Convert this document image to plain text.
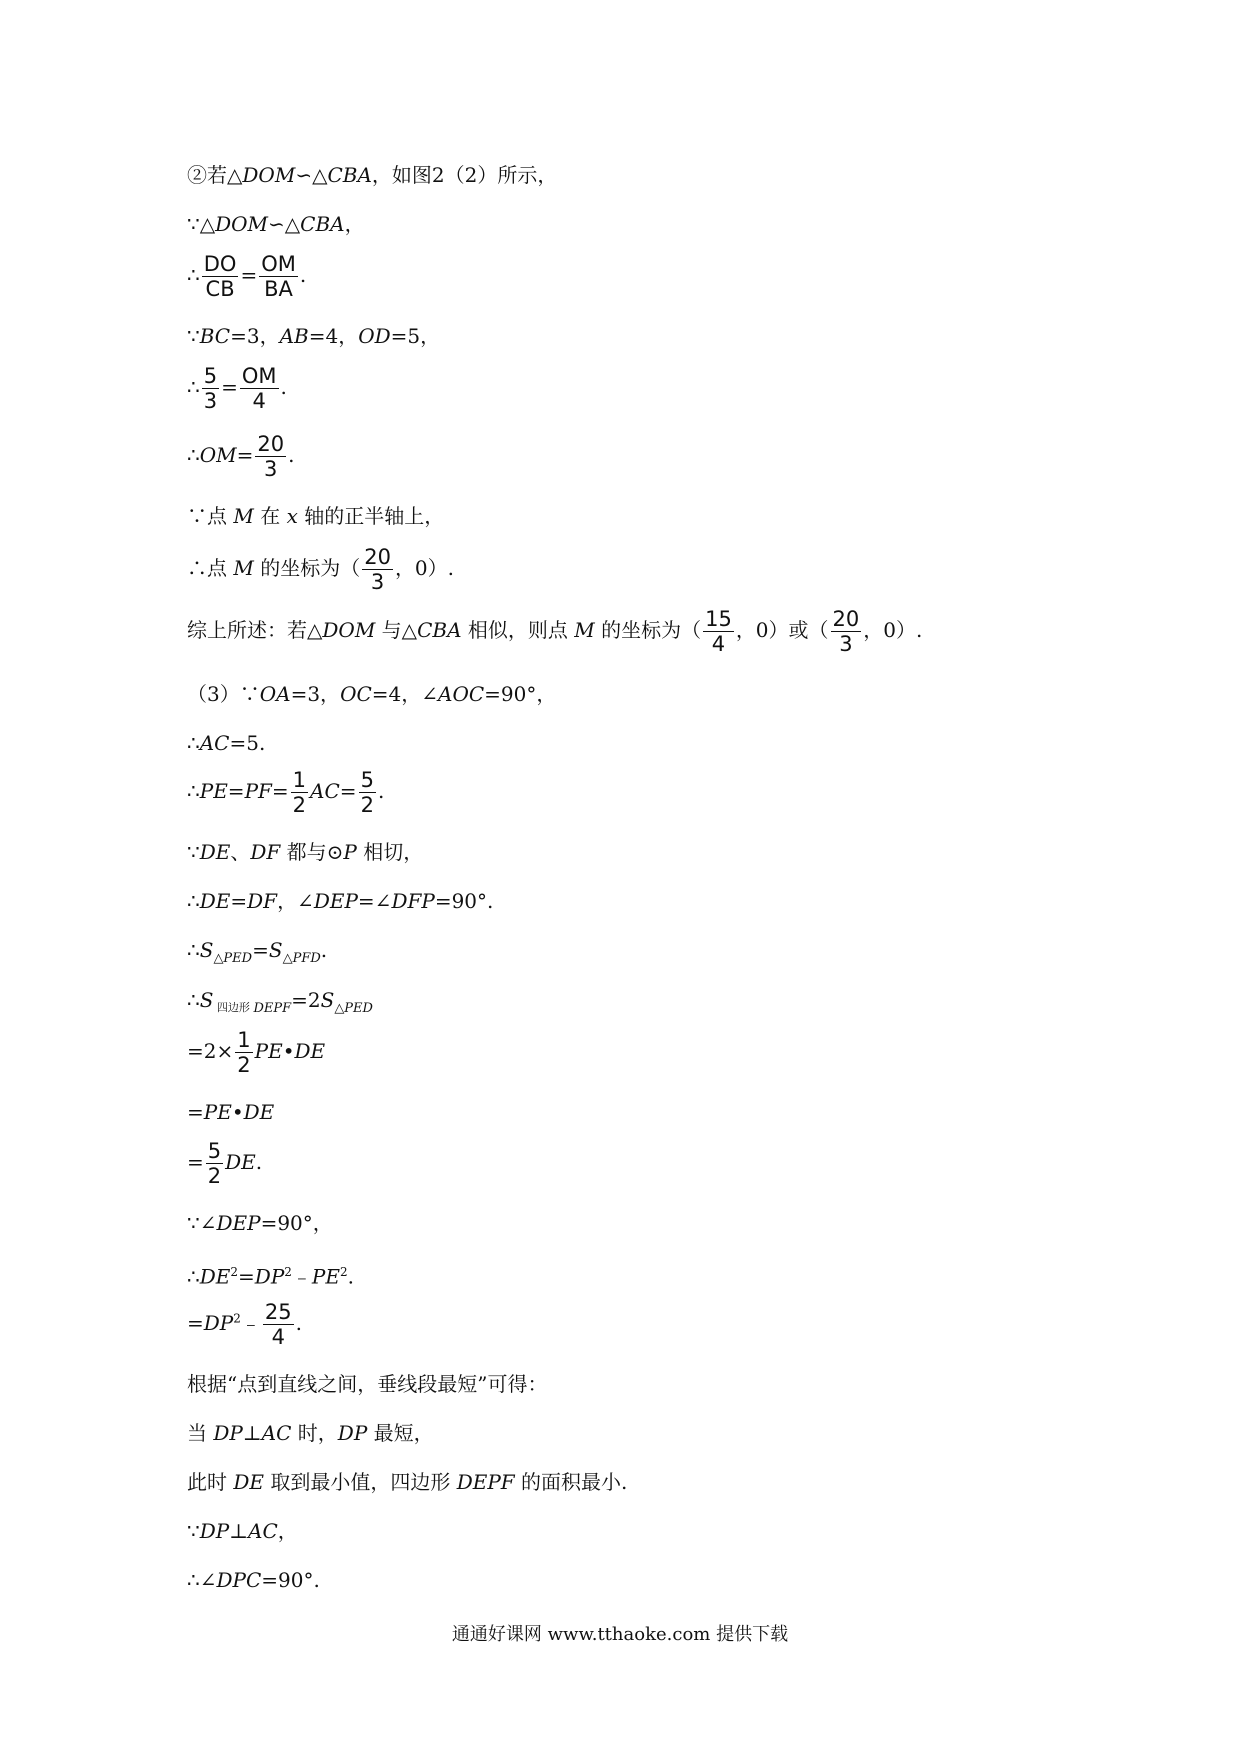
②若△DOM∽△CBA，如图2（2）所示，
∵△DOM∽△CBA，
∴ $\frac{DO}{CB} = \frac{OM}{BA}$ .
∵BC=3，AB=4，OD=5，
∴ $\frac{5}{3} = \frac{OM}{4}$ .
∴OM= $\frac{20}{3}$ .
∵点 M 在 x 轴的正半轴上，
∴点 M 的坐标为（ $\frac{20}{3}$ ，0）.
综上所述：若△DOM 与△CBA 相似，则点 M 的坐标为（ $\frac{15}{4}$ ，0）或（ $\frac{20}{3}$ ，0）.
（3）∵OA=3，OC=4，∠AOC=90°，
∴AC=5.
∴PE=PF= $\frac{1}{2} AC= \frac{5}{2}$ .
∵DE、DF 都与⊙P 相切，
∴DE=DF，∠DEP=∠DFP=90°.
$\therefore S_{\triangle PED}=S_{\triangle PFD}$.
∴S $_{四边形}$ $_{DEPF}=2S_{\triangle PED}$
$=2\times \frac{1}{2}$ PE•DE
=PE•DE
= $\frac{5}{2}$ DE.
∵∠DEP=90°，
$\therefore DE^2=DP^2﹣PE^2$.
$=DP^2﹣ \frac{25}{4}$ .
根据“点到直线之间，垂线段最短”可得：
当 DP⊥AC 时，DP 最短，
此时 DE 取到最小值，四边形 DEPF 的面积最小.
∵DP⊥AC，
∴∠DPC=90°.
通通好课网 www.tthaoke.com 提供下载
